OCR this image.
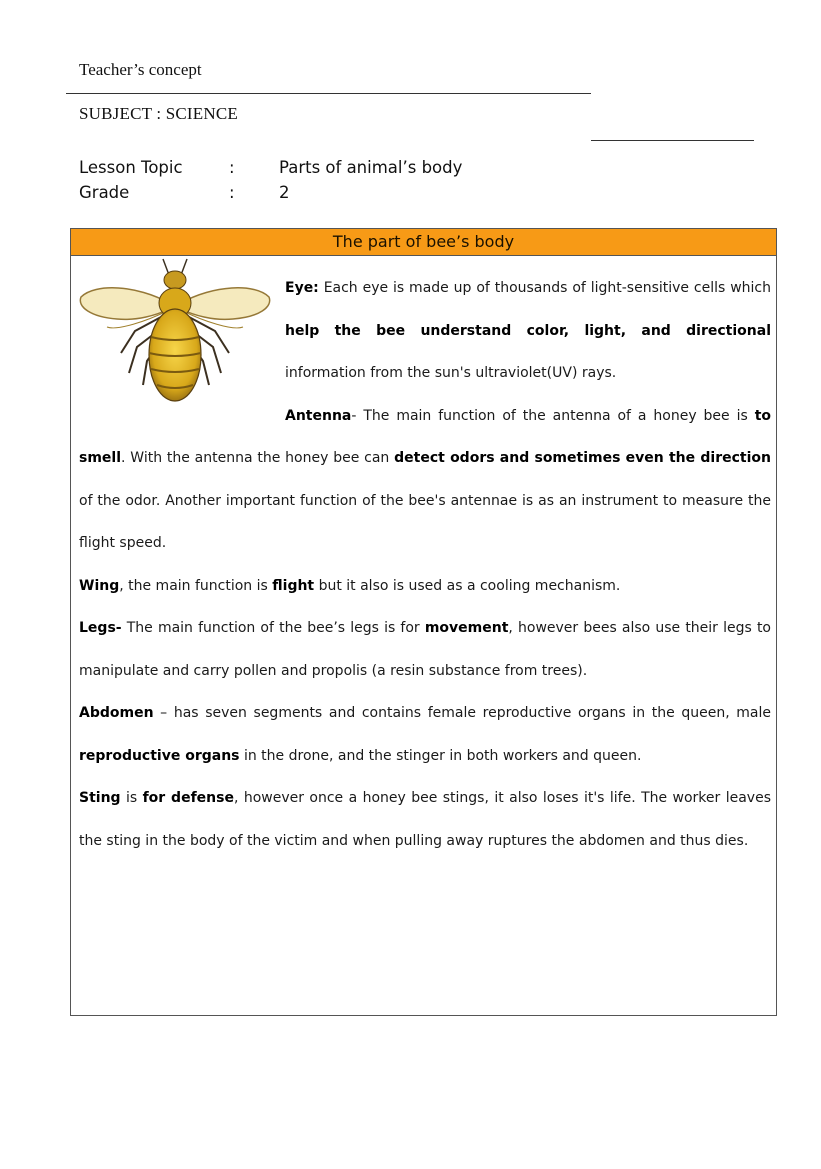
Teacher’s concept
SUBJECT : SCIENCE
Lesson Topic	:	Parts of animal’s body
Grade	:	2
The part of bee’s body

Eye: Each eye is made up of thousands of light-sensitive cells which help the bee understand color, light, and directional information from the sun's ultraviolet(UV) rays.

Antenna- The main function of the antenna of a honey bee is to smell. With the antenna the honey bee can detect odors and sometimes even the direction of the odor. Another important function of the bee's antennae is as an instrument to measure the flight speed.

Wing, the main function is flight but it also is used as a cooling mechanism.

Legs- The main function of the bee’s legs is for movement, however bees also use their legs to manipulate and carry pollen and propolis (a resin substance from trees).

Abdomen – has seven segments and contains female reproductive organs in the queen, male reproductive organs in the drone, and the stinger in both workers and queen.

Sting is for defense, however once a honey bee stings, it also loses it's life. The worker leaves the sting in the body of the victim and when pulling away ruptures the abdomen and thus dies.
